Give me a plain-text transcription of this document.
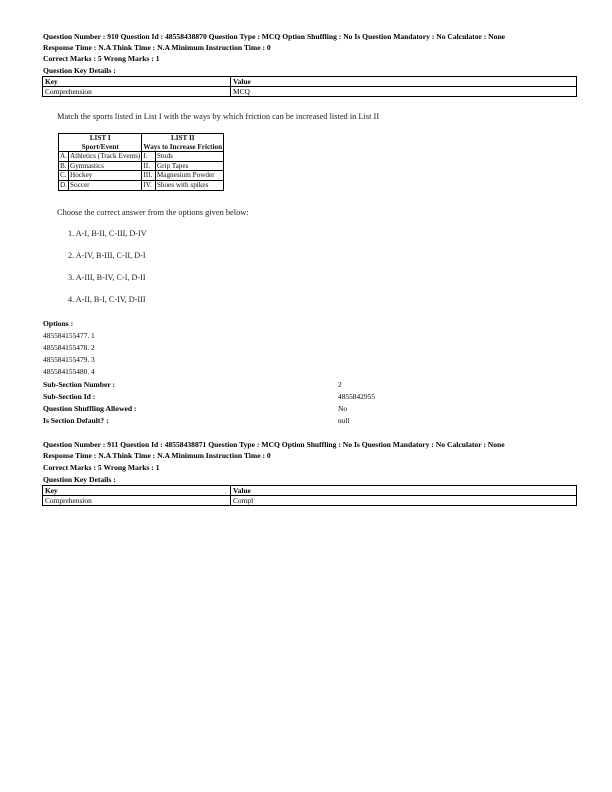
Question Number : 910 Question Id : 48558438870 Question Type : MCQ Option Shuffling : No Is Question Mandatory : No Calculator : None
Response Time : N.A Think Time : N.A Minimum Instruction Time : 0
Correct Marks : 5 Wrong Marks : 1
Question Key Details :
Key	Value
Comprehension	MCQ
Match the sports listed in List I with the ways by which friction can be increased listed in List II
LIST I		LIST II	
Sport/Event		Ways to Increase Friction	
A.	Athletics (Track Events)	I.	Studs
B.	Gymnastics	II.	Grip Tapes
C.	Hockey	III.	Magnesium Powder
D.	Soccer	IV.	Shoes with spikes
Choose the correct answer from the options given below:
1. A-I, B-II, C-III, D-IV
2. A-IV, B-III, C-II, D-I
3. A-III, B-IV, C-I, D-II
4. A-II, B-I, C-IV, D-III
Options :
485584155477. 1
485584155478. 2
485584155479. 3
485584155480. 4
Sub-Section Number :	2
Sub-Section Id :	4855842955
Question Shuffling Allowed :	No
Is Section Default? :	null
Question Number : 911 Question Id : 48558438871 Question Type : MCQ Option Shuffling : No Is Question Mandatory : No Calculator : None
Response Time : N.A Think Time : N.A Minimum Instruction Time : 0
Correct Marks : 5 Wrong Marks : 1
Question Key Details :
Key	Value
Comprehension	Compl
